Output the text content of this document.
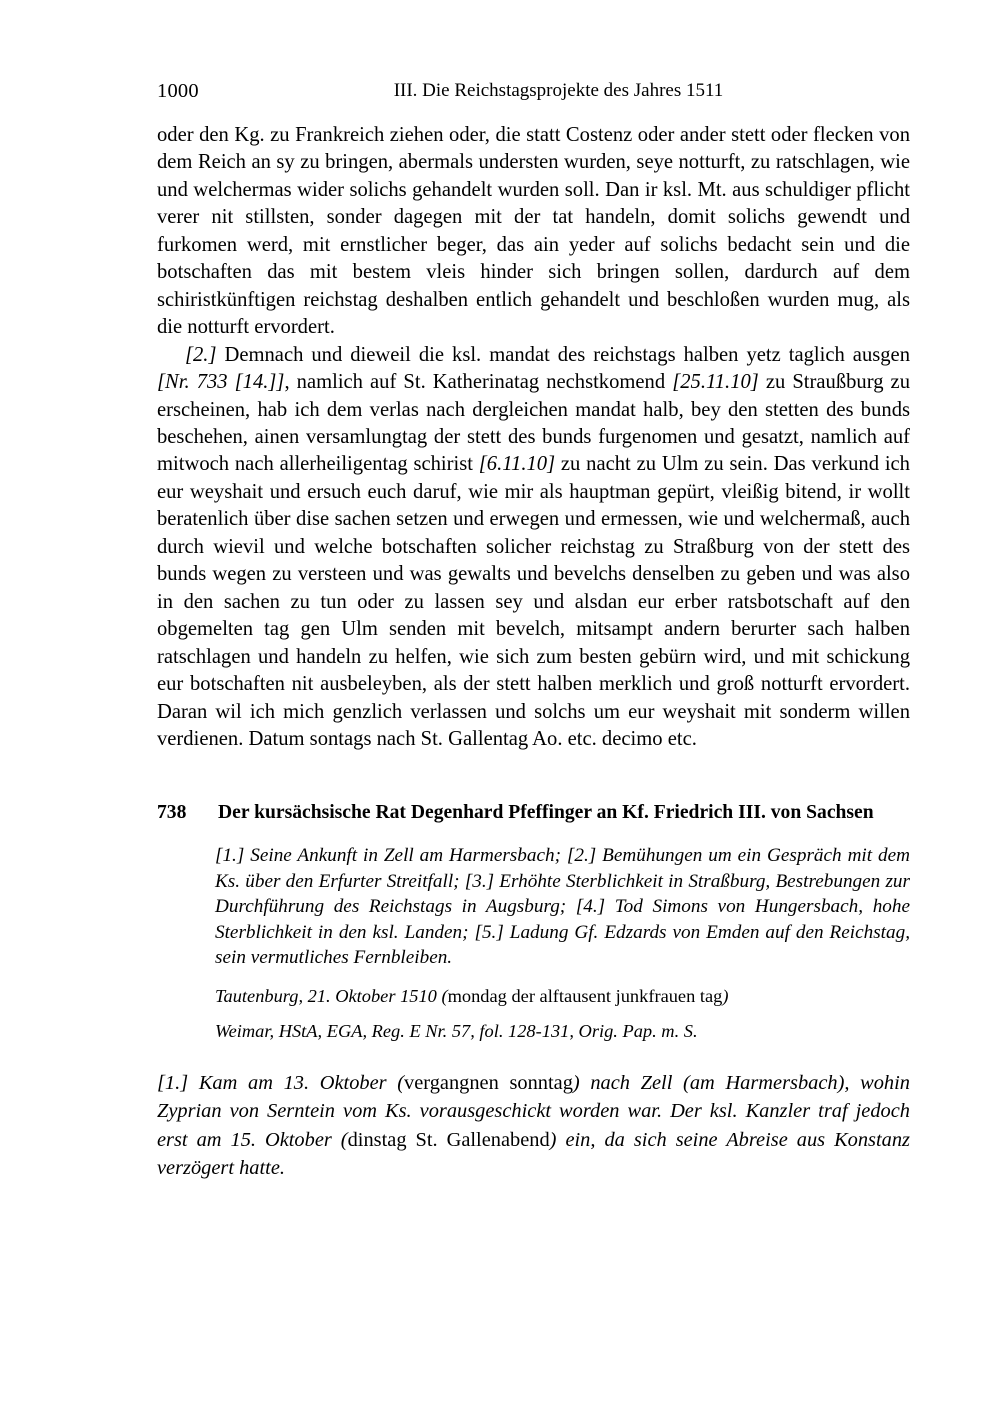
1000	III. Die Reichstagsprojekte des Jahres 1511

oder den Kg. zu Frankreich ziehen oder, die statt Costenz oder ander stett oder flecken von dem Reich an sy zu bringen, abermals understen wurden, seye notturft, zu ratschlagen, wie und welchermas wider solichs gehandelt wurden soll. Dan ir ksl. Mt. aus schuldiger pflicht verer nit stillsten, sonder dagegen mit der tat handeln, domit solichs gewendt und furkomen werd, mit ernstlicher beger, das ain yeder auf solichs bedacht sein und die botschaften das mit bestem vleis hinder sich bringen sollen, dardurch auf dem schiristkünftigen reichstag deshalben entlich gehandelt und beschloßen wurden mug, als die notturft ervordert.

[2.] Demnach und dieweil die ksl. mandat des reichstags halben yetz taglich ausgen [Nr. 733 [14.]], namlich auf St. Katherinatag nechstkomend [25.11.10] zu Straußburg zu erscheinen, hab ich dem verlas nach dergleichen mandat halb, bey den stetten des bunds beschehen, ainen versamlungtag der stett des bunds furgenomen und gesatzt, namlich auf mitwoch nach allerheiligentag schirist [6.11.10] zu nacht zu Ulm zu sein. Das verkund ich eur weyshait und ersuch euch daruf, wie mir als hauptman gepürt, vleißig bitend, ir wollt beratenlich über dise sachen setzen und erwegen und ermessen, wie und welchermaß, auch durch wievil und welche botschaften solicher reichstag zu Straßburg von der stett des bunds wegen zu versteen und was gewalts und bevelchs denselben zu geben und was also in den sachen zu tun oder zu lassen sey und alsdan eur erber ratsbotschaft auf den obgemelten tag gen Ulm senden mit bevelch, mitsampt andern berurter sach halben ratschlagen und handeln zu helfen, wie sich zum besten gebürn wird, und mit schickung eur botschaften nit ausbeleyben, als der stett halben merklich und groß notturft ervordert. Daran wil ich mich genzlich verlassen und solchs um eur weyshait mit sonderm willen verdienen. Datum sontags nach St. Gallentag Ao. etc. decimo etc.

738 Der kursächsische Rat Degenhard Pfeffinger an Kf. Friedrich III. von Sachsen
[1.] Seine Ankunft in Zell am Harmersbach; [2.] Bemühungen um ein Gespräch mit dem Ks. über den Erfurter Streitfall; [3.] Erhöhte Sterblichkeit in Straßburg, Bestrebungen zur Durchführung des Reichstags in Augsburg; [4.] Tod Simons von Hungersbach, hohe Sterblichkeit in den ksl. Landen; [5.] Ladung Gf. Edzards von Emden auf den Reichstag, sein vermutliches Fernbleiben.
Tautenburg, 21. Oktober 1510 (mondag der alftausent junkfrauen tag)
Weimar, HStA, EGA, Reg. E Nr. 57, fol. 128-131, Orig. Pap. m. S.

[1.] Kam am 13. Oktober (vergangnen sonntag) nach Zell (am Harmersbach), wohin Zyprian von Serntein vom Ks. vorausgeschickt worden war. Der ksl. Kanzler traf jedoch erst am 15. Oktober (dinstag St. Gallenabend) ein, da sich seine Abreise aus Konstanz verzögert hatte.
